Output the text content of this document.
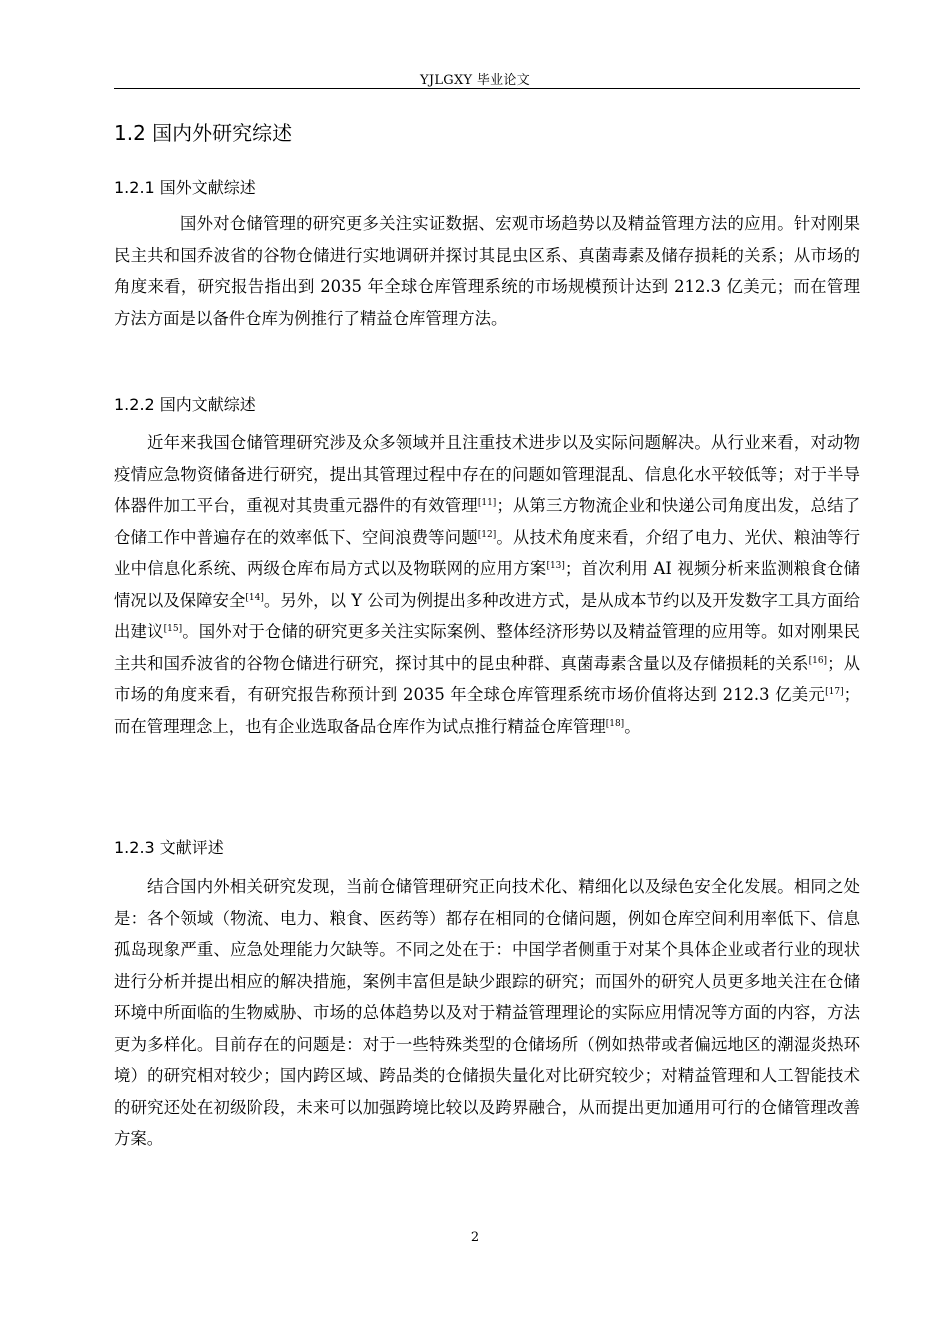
YJLGXY 毕业论文
1.2 国内外研究综述
1.2.1 国外文献综述

国外对仓储管理的研究更多关注实证数据、宏观市场趋势以及精益管理方法的应用。针对刚果民主共和国乔波省的谷物仓储进行实地调研并探讨其昆虫区系、真菌毒素及储存损耗的关系；从市场的角度来看，研究报告指出到 2035 年全球仓库管理系统的市场规模预计达到 212.3 亿美元；而在管理方法方面是以备件仓库为例推行了精益仓库管理方法。

1.2.2 国内文献综述

近年来我国仓储管理研究涉及众多领域并且注重技术进步以及实际问题解决。从行业来看，对动物疫情应急物资储备进行研究，提出其管理过程中存在的问题如管理混乱、信息化水平较低等；对于半导体器件加工平台，重视对其贵重元器件的有效管理[11]；从第三方物流企业和快递公司角度出发，总结了仓储工作中普遍存在的效率低下、空间浪费等问题[12]。从技术角度来看，介绍了电力、光伏、粮油等行业中信息化系统、两级仓库布局方式以及物联网的应用方案[13]；首次利用 AI 视频分析来监测粮食仓储情况以及保障安全[14]。另外，以 Y 公司为例提出多种改进方式，是从成本节约以及开发数字工具方面给出建议[15]。国外对于仓储的研究更多关注实际案例、整体经济形势以及精益管理的应用等。如对刚果民主共和国乔波省的谷物仓储进行研究，探讨其中的昆虫种群、真菌毒素含量以及存储损耗的关系[16]；从市场的角度来看，有研究报告称预计到 2035 年全球仓库管理系统市场价值将达到 212.3 亿美元[17]；而在管理理念上，也有企业选取备品仓库作为试点推行精益仓库管理[18]。

1.2.3 文献评述

结合国内外相关研究发现，当前仓储管理研究正向技术化、精细化以及绿色安全化发展。相同之处是：各个领域（物流、电力、粮食、医药等）都存在相同的仓储问题，例如仓库空间利用率低下、信息孤岛现象严重、应急处理能力欠缺等。不同之处在于：中国学者侧重于对某个具体企业或者行业的现状进行分析并提出相应的解决措施，案例丰富但是缺少跟踪的研究；而国外的研究人员更多地关注在仓储环境中所面临的生物威胁、市场的总体趋势以及对于精益管理理论的实际应用情况等方面的内容，方法更为多样化。目前存在的问题是：对于一些特殊类型的仓储场所（例如热带或者偏远地区的潮湿炎热环境）的研究相对较少；国内跨区域、跨品类的仓储损失量化对比研究较少；对精益管理和人工智能技术的研究还处在初级阶段，未来可以加强跨境比较以及跨界融合，从而提出更加通用可行的仓储管理改善方案。

2
